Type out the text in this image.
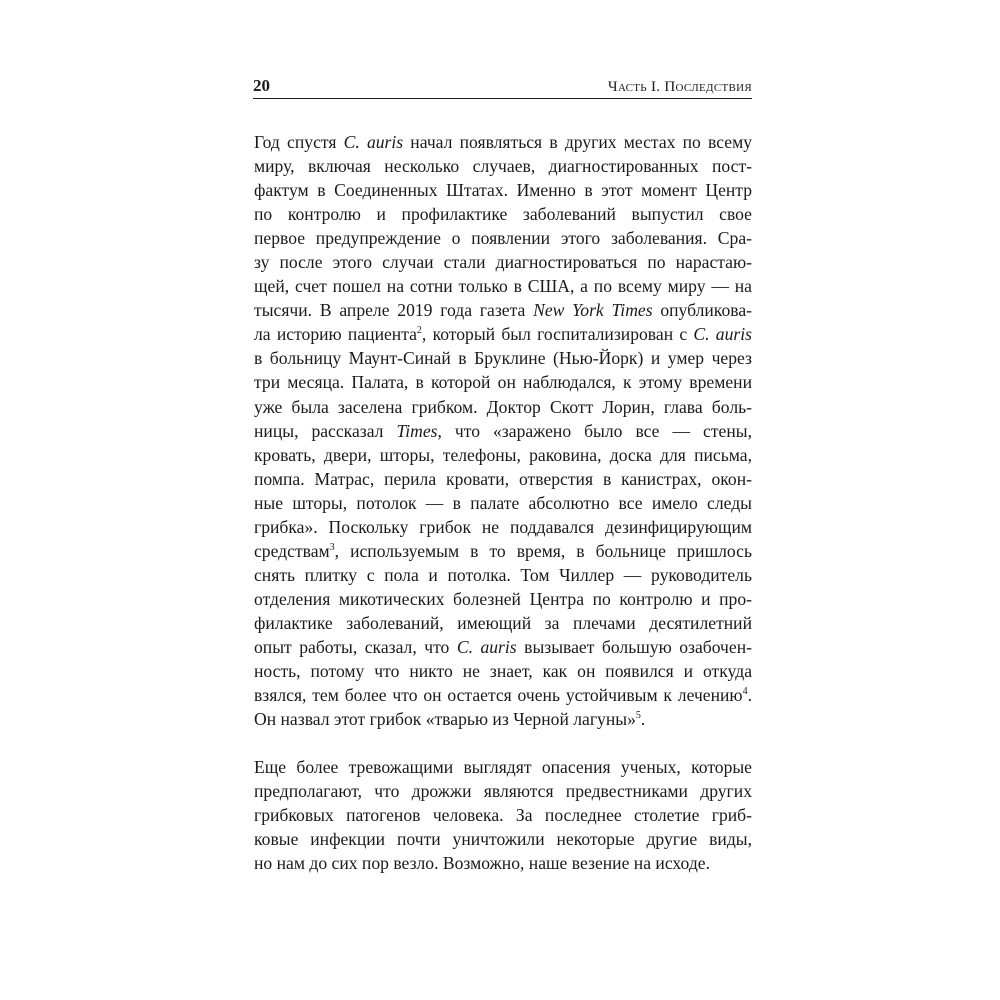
20	Часть I. Последствия
Год спустя C. auris начал появляться в других местах по всему
миру, включая несколько случаев, диагностированных пост-
фактум в Соединенных Штатах. Именно в этот момент Центр
по контролю и профилактике заболеваний выпустил свое
первое предупреждение о появлении этого заболевания. Сра-
зу после этого случаи стали диагностироваться по нарастаю-
щей, счет пошел на сотни только в США, а по всему миру — на
тысячи. В апреле 2019 года газета New York Times опубликова-
ла историю пациента$^2$, который был госпитализирован с C. auris
в больницу Маунт-Синай в Бруклине (Нью-Йорк) и умер через
три месяца. Палата, в которой он наблюдался, к этому времени
уже была заселена грибком. Доктор Скотт Лорин, глава боль-
ницы, рассказал Times, что «заражено было все — стены,
кровать, двери, шторы, телефоны, раковина, доска для письма,
помпа. Матрас, перила кровати, отверстия в канистрах, окон-
ные шторы, потолок — в палате абсолютно все имело следы
грибка». Поскольку грибок не поддавался дезинфицирующим
средствам$^3$, используемым в то время, в больнице пришлось
снять плитку с пола и потолка. Том Чиллер — руководитель
отделения микотических болезней Центра по контролю и про-
филактике заболеваний, имеющий за плечами десятилетний
опыт работы, сказал, что C. auris вызывает большую озабочен-
ность, потому что никто не знает, как он появился и откуда
взялся, тем более что он остается очень устойчивым к лечению$^4$.
Он назвал этот грибок «тварью из Черной лагуны»$^5$.
Еще более тревожащими выглядят опасения ученых, которые
предполагают, что дрожжи являются предвестниками других
грибковых патогенов человека. За последнее столетие гриб-
ковые инфекции почти уничтожили некоторые другие виды,
но нам до сих пор везло. Возможно, наше везение на исходе.
